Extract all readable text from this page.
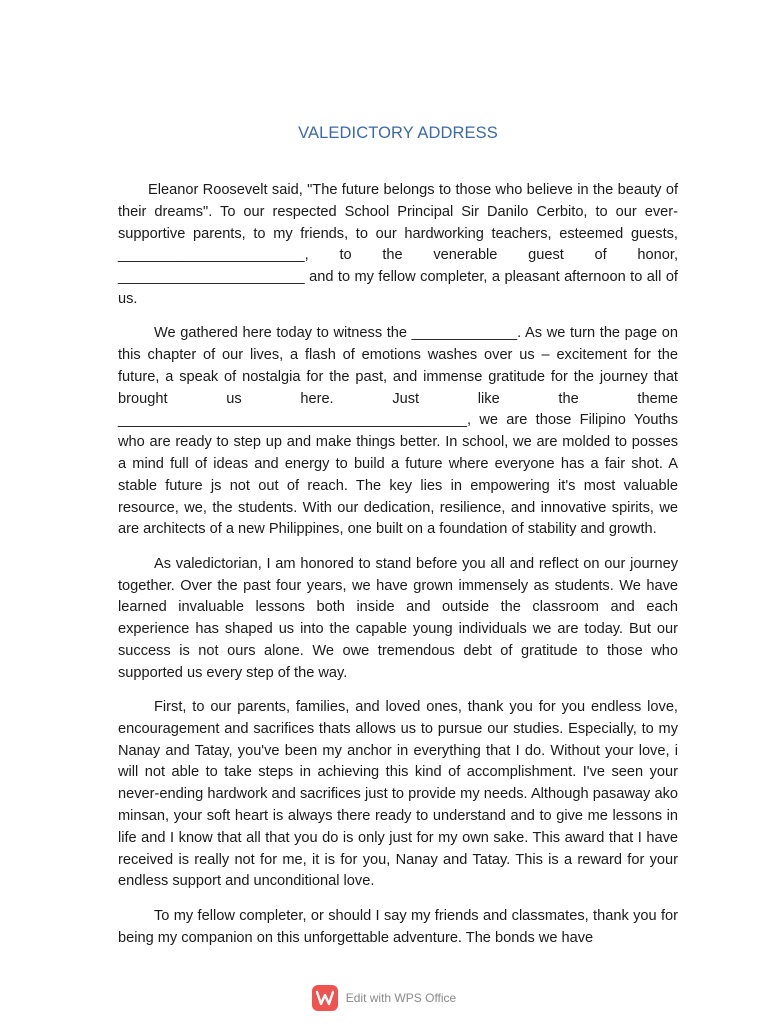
VALEDICTORY ADDRESS

Eleanor Roosevelt said, "The future belongs to those who believe in the beauty of their dreams". To our respected School Principal Sir Danilo Cerbito, to our ever-supportive parents, to my friends, to our hardworking teachers, esteemed guests, _______________________, to the venerable guest of honor, _______________________ and to my fellow completer, a pleasant afternoon to all of us.

We gathered here today to witness the _____________. As we turn the page on this chapter of our lives, a flash of emotions washes over us – excitement for the future, a speak of nostalgia for the past, and immense gratitude for the journey that brought us here. Just like the theme ___________________________________________, we are those Filipino Youths who are ready to step up and make things better. In school, we are molded to posses a mind full of ideas and energy to build a future where everyone has a fair shot. A stable future js not out of reach. The key lies in empowering it's most valuable resource, we, the students. With our dedication, resilience, and innovative spirits, we are architects of a new Philippines, one built on a foundation of stability and growth.

As valedictorian, I am honored to stand before you all and reflect on our journey together. Over the past four years, we have grown immensely as students. We have learned invaluable lessons both inside and outside the classroom and each experience has shaped us into the capable young individuals we are today. But our success is not ours alone. We owe tremendous debt of gratitude to those who supported us every step of the way.

First, to our parents, families, and loved ones, thank you for you endless love, encouragement and sacrifices thats allows us to pursue our studies. Especially, to my Nanay and Tatay, you've been my anchor in everything that I do. Without your love, i will not able to take steps in achieving this kind of accomplishment. I've seen your never-ending hardwork and sacrifices just to provide my needs. Although pasaway ako minsan, your soft heart is always there ready to understand and to give me lessons in life and I know that all that you do is only just for my own sake. This award that I have received is really not for me, it is for you, Nanay and Tatay. This is a reward for your endless support and unconditional love.

To my fellow completer, or should I say my friends and classmates, thank you for being my companion on this unforgettable adventure. The bonds we have

Edit with WPS Office
